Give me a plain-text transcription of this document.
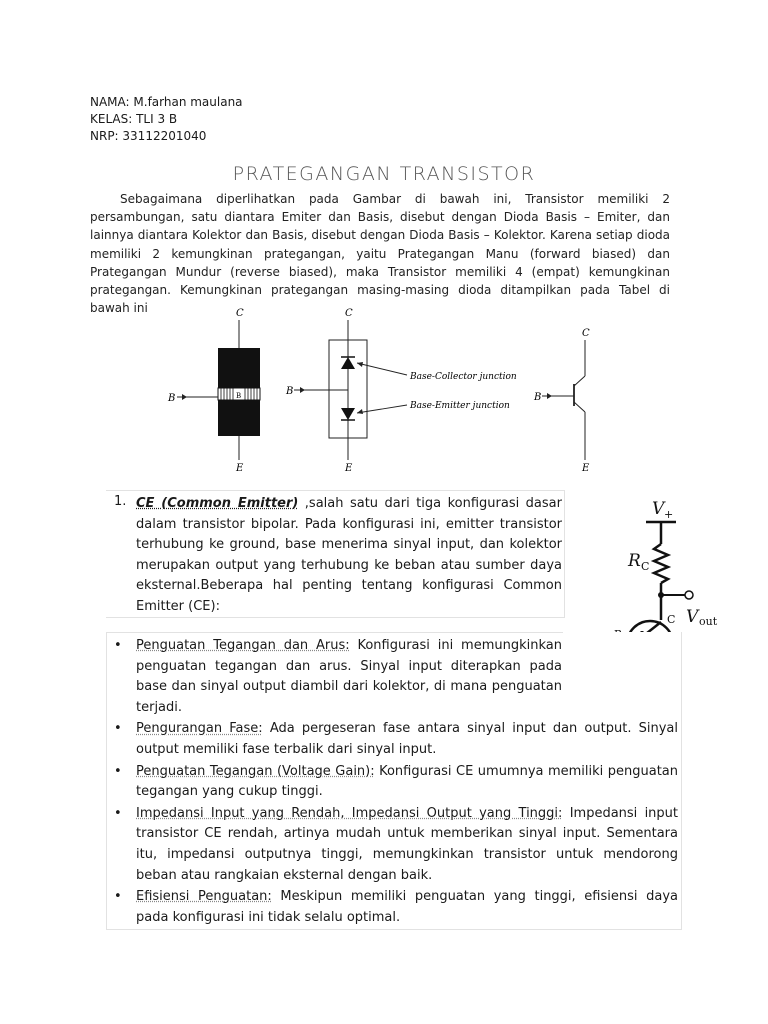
NAMA: M.farhan maulana
KELAS: TLI 3 B
NRP: 33112201040
PRATEGANGAN TRANSISTOR
Sebagaimana diperlihatkan pada Gambar di bawah ini, Transistor memiliki 2 persambungan, satu diantara Emiter dan Basis, disebut dengan Dioda Basis – Emiter, dan lainnya diantara Kolektor dan Basis, disebut dengan Dioda Basis – Kolektor. Karena setiap dioda memiliki 2 kemungkinan prategangan, yaitu Prategangan Manu (forward biased) dan Prategangan Mundur (reverse biased), maka Transistor memiliki 4 (empat) kemungkinan prategangan. Kemungkinan prategangan masing-masing dioda ditampilkan pada Tabel di bawah ini	C
B
E
B
C
E
B
Base-Collector junction
Base-Emitter junction
C
E
B
1. CE (Common Emitter) ,salah satu dari tiga konfigurasi dasar dalam transistor bipolar. Pada konfigurasi ini, emitter transistor terhubung ke ground, base menerima sinyal input, dan kolektor merupakan output yang terhubung ke beban atau sumber daya eksternal.Beberapa hal penting tentang konfigurasi Common Emitter (CE):
V +
R C
V out
C
• Penguatan Tegangan dan Arus: Konfigurasi ini memungkinkan penguatan tegangan dan arus. Sinyal input diterapkan pada base dan sinyal output diambil dari kolektor, di mana penguatan terjadi.
• Pengurangan Fase: Ada pergeseran fase antara sinyal input dan output. Sinyal output memiliki fase terbalik dari sinyal input.
• Penguatan Tegangan (Voltage Gain): Konfigurasi CE umumnya memiliki penguatan tegangan yang cukup tinggi.
• Impedansi Input yang Rendah, Impedansi Output yang Tinggi: Impedansi input transistor CE rendah, artinya mudah untuk memberikan sinyal input. Sementara itu, impedansi outputnya tinggi, memungkinkan transistor untuk mendorong beban atau rangkaian eksternal dengan baik.
• Efisiensi Penguatan: Meskipun memiliki penguatan yang tinggi, efisiensi daya pada konfigurasi ini tidak selalu optimal.
